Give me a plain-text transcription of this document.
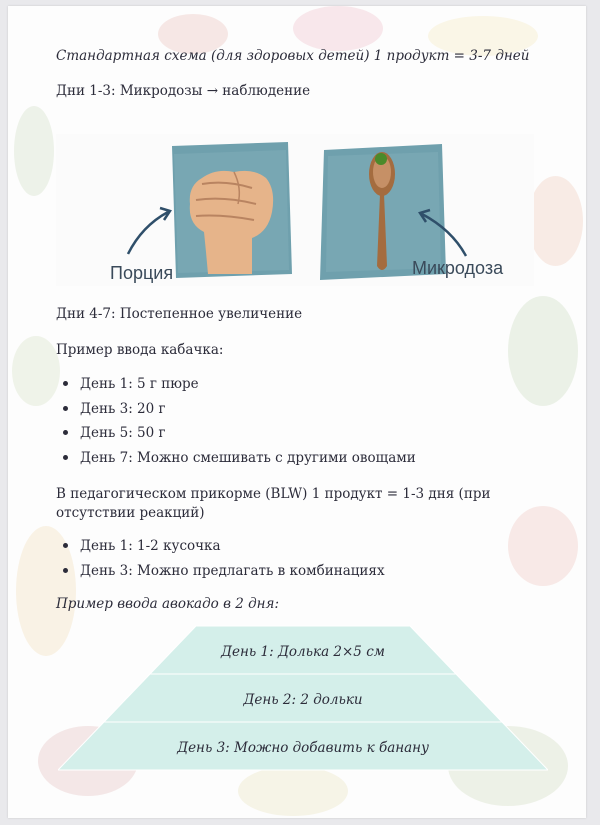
Стандартная схема (для здоровых детей) 1 продукт = 3-7 дней
Дни 1-3: Микродозы → наблюдение
Порция	Микродоза
Дни 4-7: Постепенное увеличение
Пример ввода кабачка:
День 1: 5 г пюре
День 3: 20 г
День 5: 50 г
День 7: Можно смешивать с другими овощами
В педагогическом прикорме (BLW) 1 продукт = 1-3 дня (при
отсутствии реакций)
День 1: 1-2 кусочка
День 3: Можно предлагать в комбинациях
Пример ввода авокадо в 2 дня:
День 1: Долька 2×5 см
День 2: 2 дольки
День 3: Можно добавить к банану
